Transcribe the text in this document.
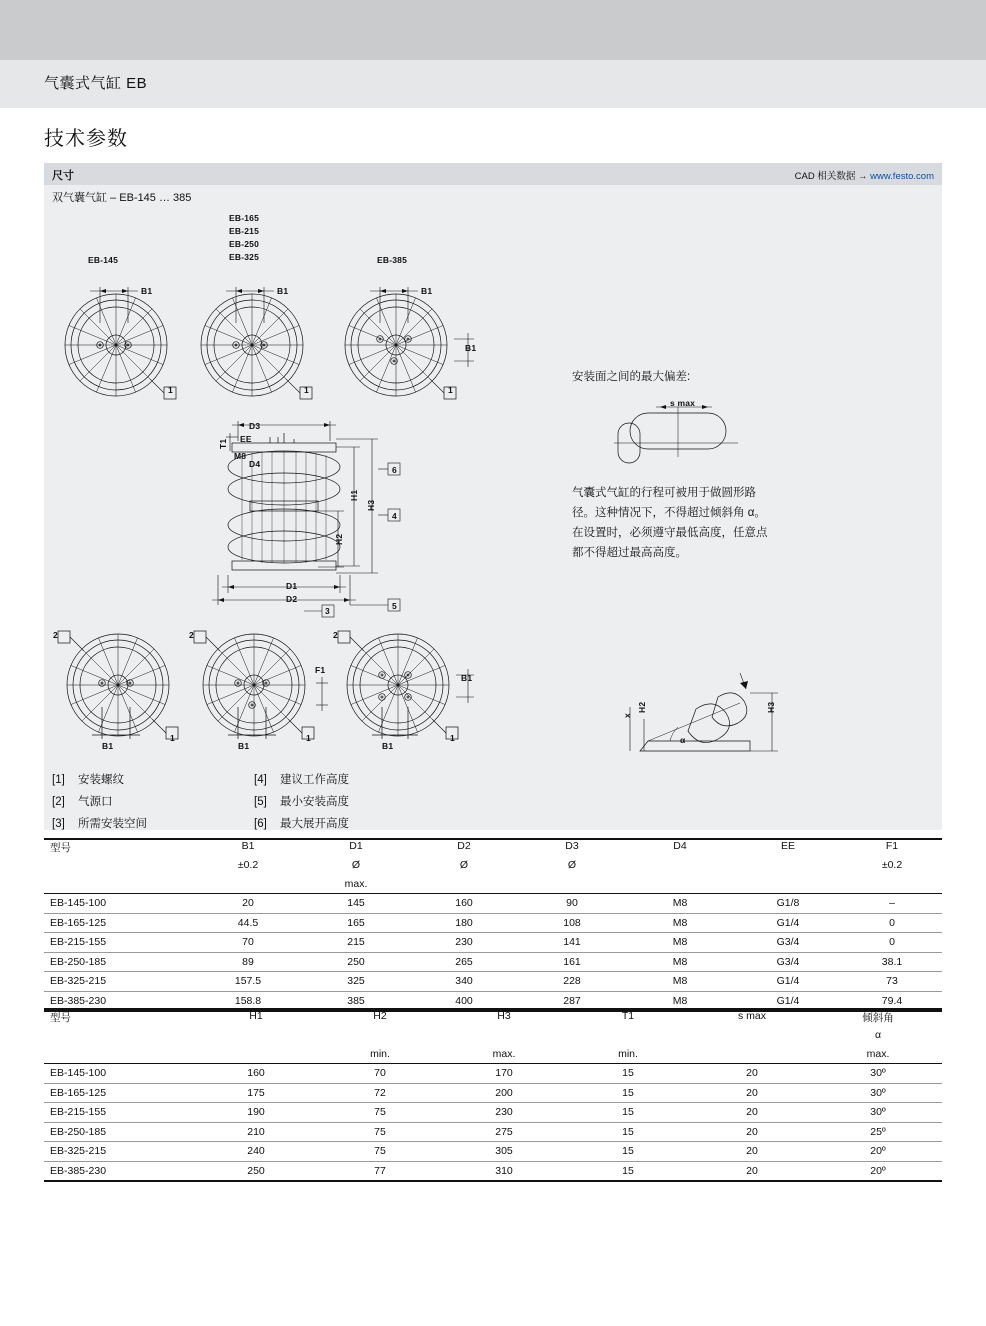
气囊式气缸 EB
技术参数
尺寸	CAD 相关数据 → www.festo.com
双气囊气缸 – EB-145 … 385
EB-145
EB-165
EB-215
EB-250
EB-325	EB-385
B1	B1	B1
B1
1	1	1
D3
EE
M8
T1
D4
H1
H3
H2
D1
D2
3
6
4
5
2	2	2
1	1	1
B1	B1	B1
F1
B1
安装面之间的最大偏差:
s max
气囊式气缸的行程可被用于做圆形路径。这种情况下，不得超过倾斜角 α。在设置时，必须遵守最低高度，任意点都不得超过最高高度。
x
H2	H3
α
[1] 安装螺纹
[2] 气源口
[3] 所需安装空间
[4] 建议工作高度
[5] 最小安装高度
[6] 最大展开高度
型号	B1	D1	D2	D3	D4	EE	F1
	±0.2	Ø	Ø	Ø			±0.2
		max.					
EB-145-100	20	145	160	90	M8	G1/8	–
EB-165-125	44.5	165	180	108	M8	G1/4	0
EB-215-155	70	215	230	141	M8	G3/4	0
EB-250-185	89	250	265	161	M8	G3/4	38.1
EB-325-215	157.5	325	340	228	M8	G1/4	73
EB-385-230	158.8	385	400	287	M8	G1/4	79.4

型号	H1	H2	H3	T1	s max	倾斜角
						α
		min.	max.	min.		max.
EB-145-100	160	70	170	15	20	30º
EB-165-125	175	72	200	15	20	30º
EB-215-155	190	75	230	15	20	30º
EB-250-185	210	75	275	15	20	25º
EB-325-215	240	75	305	15	20	20º
EB-385-230	250	77	310	15	20	20º
